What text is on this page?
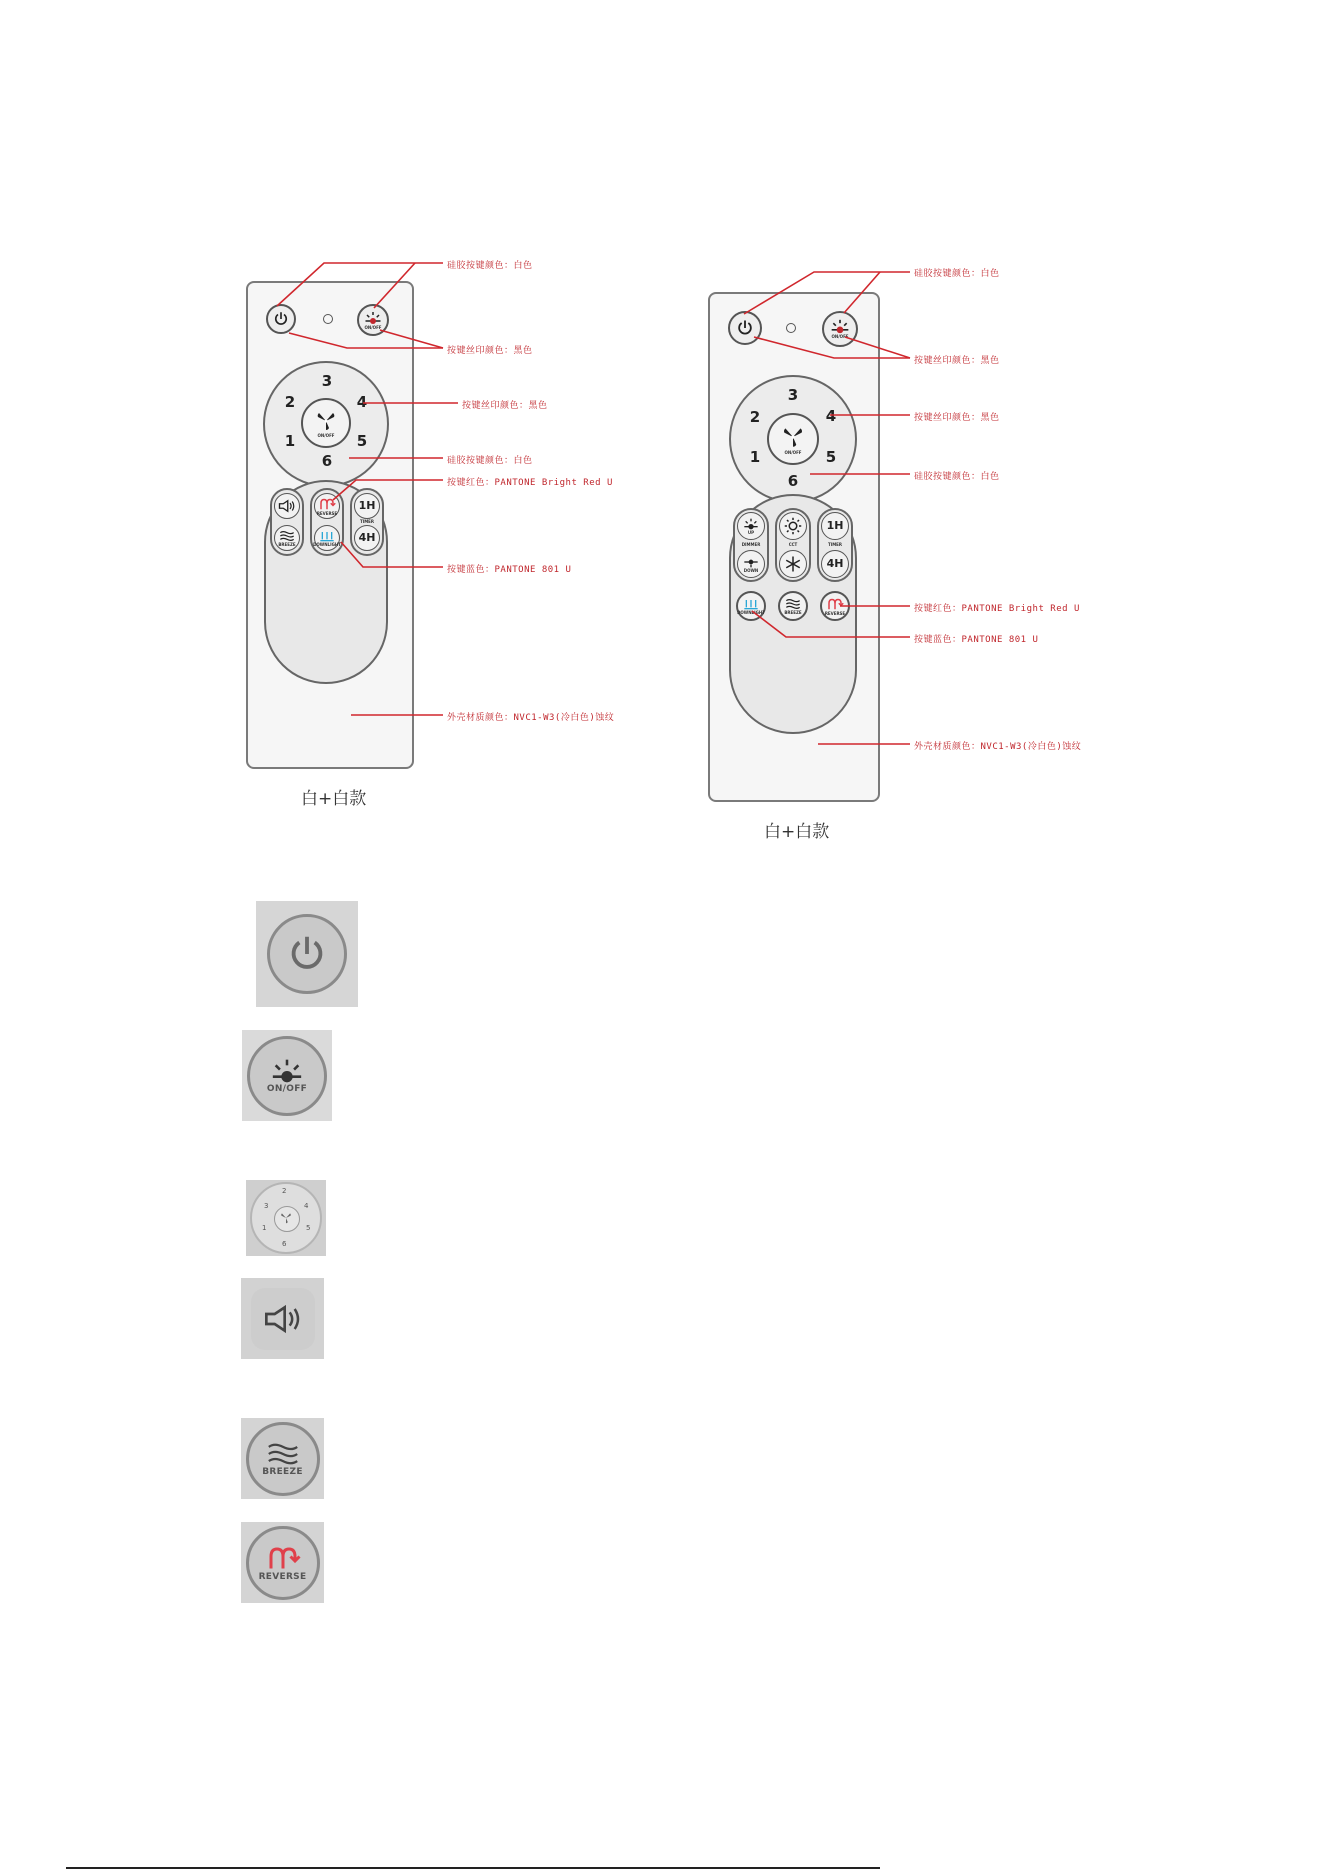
ON/OFF
ON/OFF
3
2	4
1	5
6
BREEZE
REVERSE
DOWNLIGHT
1H
TIMER
4H
白+白款
硅胶按键颜色：白色
按键丝印颜色：黑色
按键丝印颜色：黑色
硅胶按键颜色：白色
按键红色：PANTONE Bright Red U
按键蓝色：PANTONE 801 U
外壳材质颜色：NVC1-W3(冷白色)蚀纹
ON/OFF
ON/OFF
3
2	4
1	5
6
UP
DIMMER
DOWN
CCT
1H
TIMER
4H
DOWNLIGHT	BREEZE	REVERSE
白+白款
硅胶按键颜色：白色
按键丝印颜色：黑色
按键丝印颜色：黑色
硅胶按键颜色：白色
按键红色：PANTONE Bright Red U
按键蓝色：PANTONE 801 U
外壳材质颜色：NVC1-W3(冷白色)蚀纹
ON/OFF
2
3	4
1	5
6
BREEZE
REVERSE
